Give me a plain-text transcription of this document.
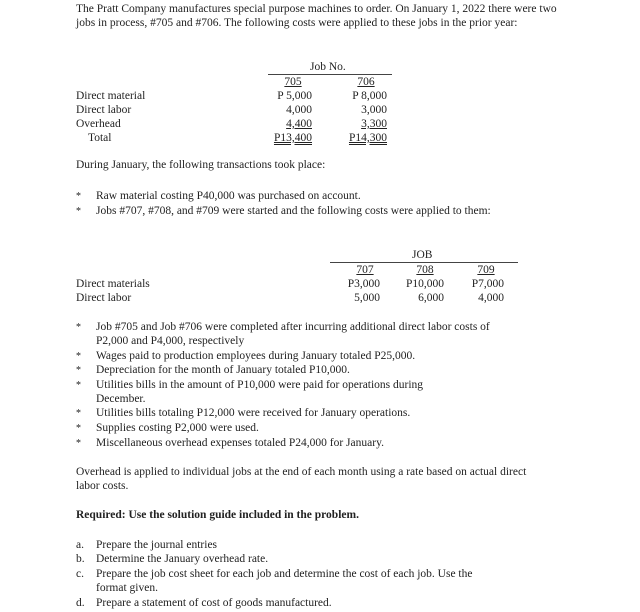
The Pratt Company manufactures special purpose machines to order. On January 1, 2022 there were two jobs in process, #705 and #706. The following costs were applied to these jobs in the prior year:
Job No.
705	706
Direct material	P 5,000	P 8,000
Direct labor	4,000	3,000
Overhead	4,400	3,300
Total	P13,400	P14,300
During January, the following transactions took place:
* Raw material costing P40,000 was purchased on account.
* Jobs #707, #708, and #709 were started and the following costs were applied to them:
JOB
707	708	709
Direct materials	P3,000	P10,000	P7,000
Direct labor	5,000	6,000	4,000
* Job #705 and Job #706 were completed after incurring additional direct labor costs of P2,000 and P4,000, respectively
* Wages paid to production employees during January totaled P25,000.
* Depreciation for the month of January totaled P10,000.
* Utilities bills in the amount of P10,000 were paid for operations during December.
* Utilities bills totaling P12,000 were received for January operations.
* Supplies costing P2,000 were used.
* Miscellaneous overhead expenses totaled P24,000 for January.
Overhead is applied to individual jobs at the end of each month using a rate based on actual direct labor costs.
Required: Use the solution guide included in the problem.
a. Prepare the journal entries
b. Determine the January overhead rate.
c. Prepare the job cost sheet for each job and determine the cost of each job. Use the format given.
d. Prepare a statement of cost of goods manufactured.
